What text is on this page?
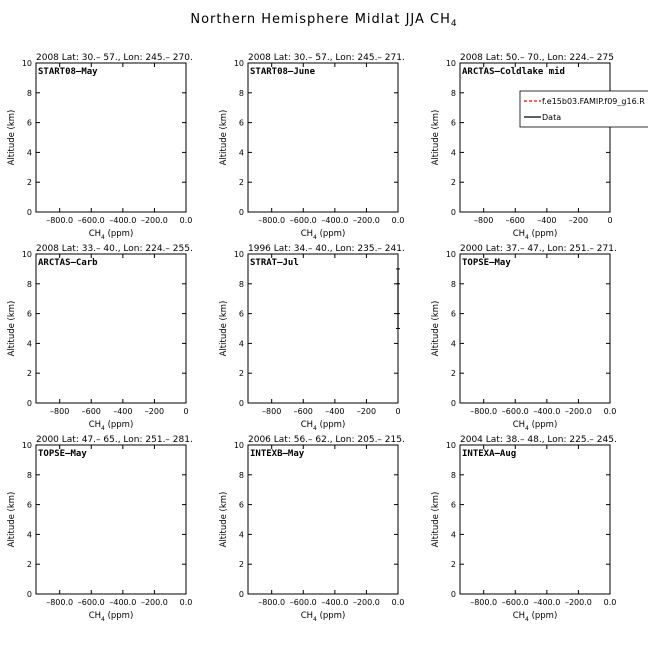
Northern Hemisphere Midlat JJA $CH_4$
2008 Lat: 30.– 57., Lon: 245.– 270.
START08–May
0
2
4
6
8
10
–800.0 –600.0 –400.0 –200.0 0.0
$CH_4$ (ppm)
Altitude (km)
2008 Lat: 30.– 57., Lon: 245.– 271.
START08–June
0
2
4
6
8
10
–800.0 –600.0 –400.0 –200.0 0.0
$CH_4$ (ppm)
Altitude (km)
2008 Lat: 50.– 70., Lon: 224.– 275
ARCTAS–Coldlake mid
0
2
4
6
8
10
–800 –600 –400 –200 0
$CH_4$ (ppm)
Altitude (km)
f.e15b03.FAMIP.f09_g16.R
Data
2008 Lat: 33.– 40., Lon: 224.– 255.
ARCTAS–Carb
0
2
4
6
8
10
–800 –600 –400 –200 0
$CH_4$ (ppm)
Altitude (km)
1996 Lat: 34.– 40., Lon: 235.– 241.
STRAT–Jul
0
2
4
6
8
10
–800 –600 –400 –200 0
$CH_4$ (ppm)
Altitude (km)
2000 Lat: 37.– 47., Lon: 251.– 271.
TOPSE–May
0
2
4
6
8
10
–800.0 –600.0 –400.0 –200.0 0.0
$CH_4$ (ppm)
Altitude (km)
2000 Lat: 47.– 65., Lon: 251.– 281.
TOPSE–May
0
2
4
6
8
10
–800.0 –600.0 –400.0 –200.0 0.0
$CH_4$ (ppm)
Altitude (km)
2006 Lat: 56.– 62., Lon: 205.– 215.
INTEXB–May
0
2
4
6
8
10
–800.0 –600.0 –400.0 –200.0 0.0
$CH_4$ (ppm)
Altitude (km)
2004 Lat: 38.– 48., Lon: 225.– 245.
INTEXA–Aug
0
2
4
6
8
10
–800.0 –600.0 –400.0 –200.0 0.0
$CH_4$ (ppm)
Altitude (km)
